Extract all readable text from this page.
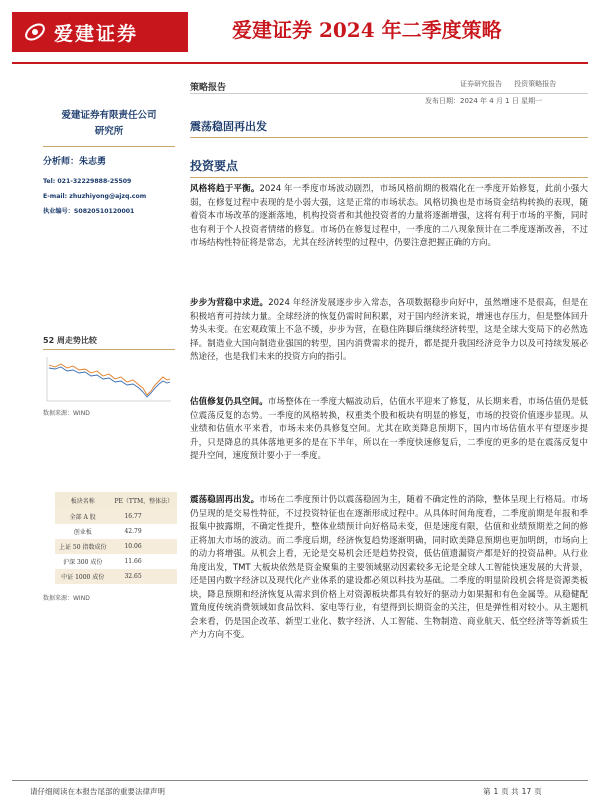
爱建证券	爱建证券 2024 年二季度策略
策略报告	证券研究报告 投资策略报告
发布日期：2024 年 4 月 1 日 星期一
爱建证券有限责任公司
研究所
分析师：朱志勇
Tel: 021-32229888-25509
E-mail: zhuzhiyong@ajzq.com
执业编号：S0820510120001
52 周走势比较
数据来源：WIND
板块名称	PE（TTM，整体法）
全部 A 股	16.77
创业板	42.79
上证 50 指数成份	10.06
沪深 300 成份	11.66
中证 1000 成份	32.65
数据来源：WIND
震荡稳固再出发
投资要点
风格将趋于平衡。2024 年一季度市场波动剧烈，市场风格前期的极端化在一季度开始修复，此前小强大弱，在修复过程中表现的是小弱大强，这是正常的市场状态。风格切换也是市场资金结构转换的表现，随着资本市场改革的逐渐落地，机构投资者和其他投资者的力量将逐渐增强，这将有利于市场的平衡，同时也有利于个人投资者情绪的修复。市场仍在修复过程中，一季度的二八现象预计在二季度逐渐改善，不过市场结构性特征将是常态，尤其在经济转型的过程中，仍要注意把握正确的方向。
步步为营稳中求进。2024 年经济发展逐步步入常态，各项数据稳步向好中，虽然增速不是很高，但是在积极培育可持续力量。全球经济的恢复仍需时间积累，对于国内经济来说，增速也存压力，但是整体回升势头未变。在宏观政策上不急不缓，步步为营，在稳住阵脚后继续经济转型，这是全球大变局下的必然选择。制造业大国向制造业强国的转型，国内消费需求的提升，都是提升我国经济竞争力以及可持续发展必然途径，也是我们未来的投资方向的指引。
估值修复仍具空间。市场整体在一季度大幅波动后，估值水平迎来了修复，从长期来看，市场估值仍是低位震荡反复的态势。一季度的风格转换，权重类个股和板块有明显的修复，市场的投资价值逐步显现。从业绩和估值水平来看，市场未来仍具修复空间。尤其在欧美降息预期下，国内市场估值水平有望逐步提升，只是降息的具体落地更多的是在下半年，所以在一季度快速修复后，二季度的更多的是在震荡反复中提升空间，速度预计要小于一季度。
震荡稳固再出发。市场在二季度预计仍以震荡稳固为主，随着不确定性的消除，整体呈现上行格局。市场仍呈现的是交易性特征，不过投资特征也在逐渐形成过程中。从具体时间角度看，二季度前期是年报和季报集中披露期，不确定性提升，整体业绩预计向好格局未变，但是速度有限，估值和业绩预期差之间的修正将加大市场的波动。而二季度后期，经济恢复趋势逐渐明确，同时欧美降息预期也更加明朗，市场向上的动力将增强。从机会上看，无论是交易机会还是趋势投资，低估值遗漏资产都是好的投资品种。从行业角度出发，TMT 大板块依然是资金聚集的主要领域驱动因素较多无论是全球人工智能快速发展的大背景，还是国内数字经济以及现代化产业体系的建设都必须以科技为基础。二季度的明显阶段机会将是资源类板块，降息预期和经济恢复从需求到价格上对资源板块都具有较好的驱动力如果掘和有色金属等。从稳健配置角度传统消费领域如食品饮料、家电等行业，有望得到长期资金的关注，但是弹性相对较小。从主题机会来看，仍是国企改革、新型工业化、数字经济、人工智能、生物制造、商业航天、低空经济等等新质生产力方向不变。
请仔细阅读在本报告尾部的重要法律声明	第 1 页 共 17 页
